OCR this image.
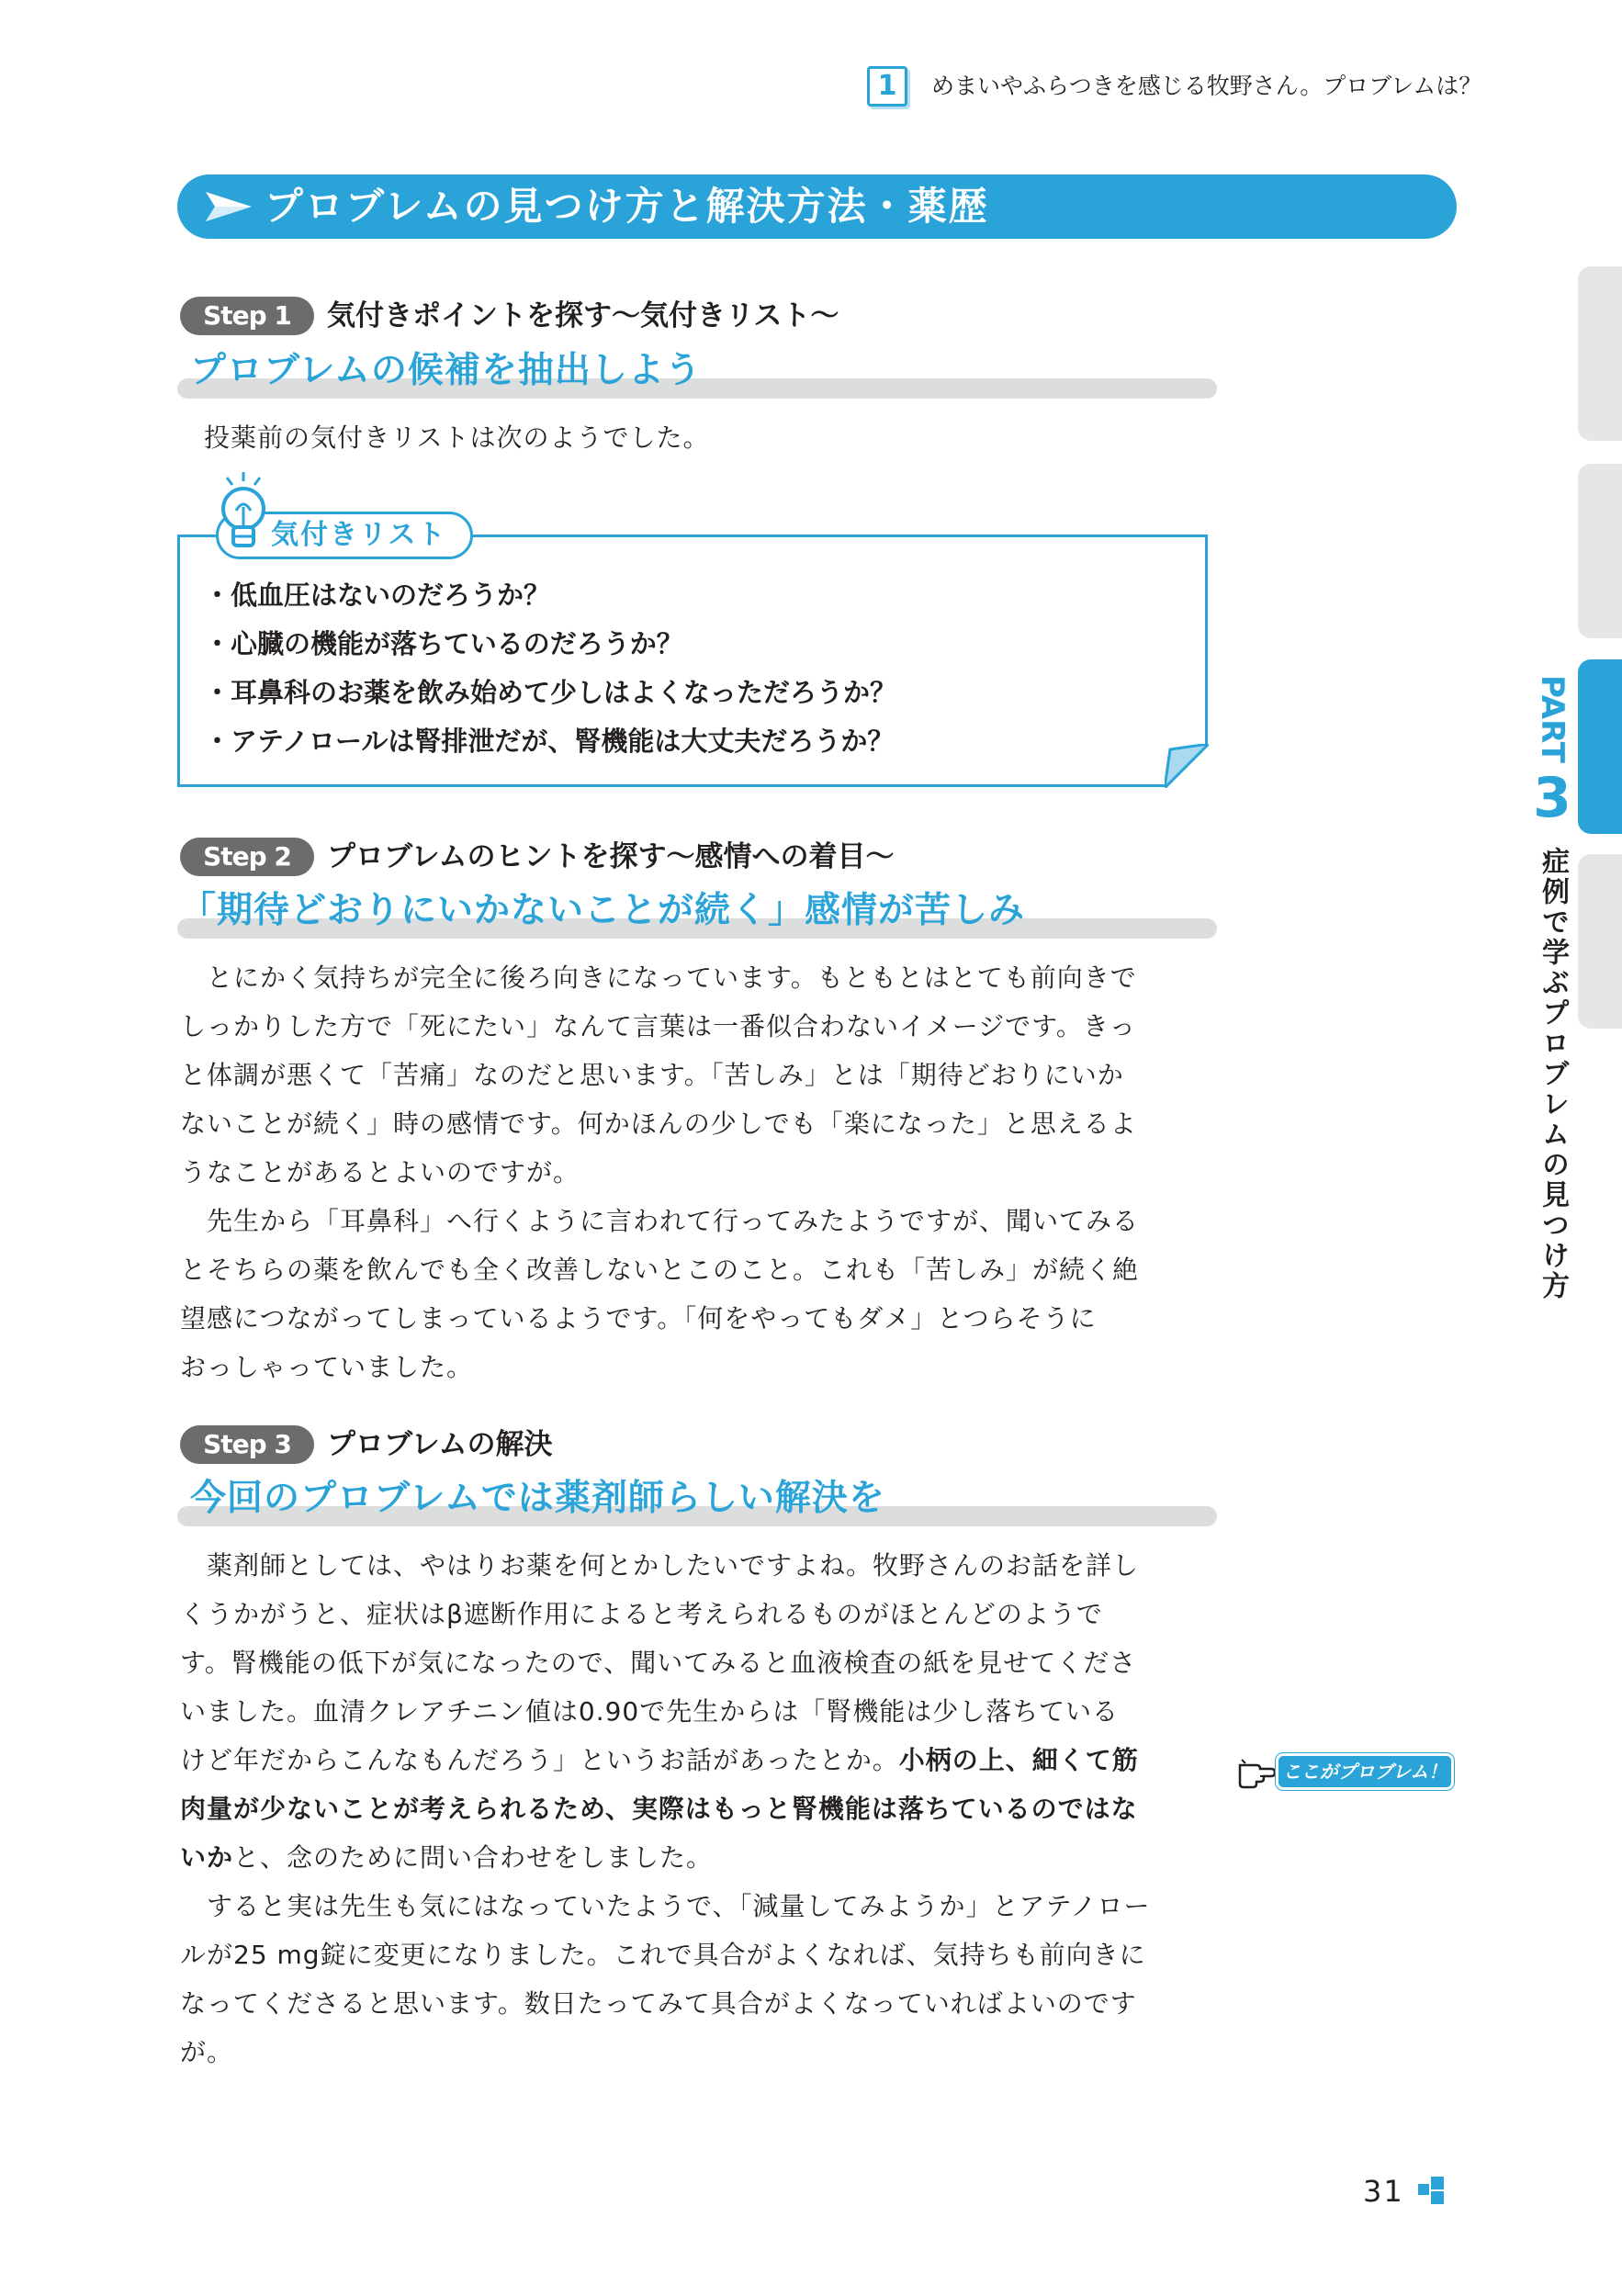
1	めまいやふらつきを感じる牧野さん。プロブレムは？
プロブレムの見つけ方と解決方法・薬歴
Step 1	気付きポイントを探す〜気付きリスト〜
プロブレムの候補を抽出しよう
投薬前の気付きリストは次のようでした。
気付きリスト
・低血圧はないのだろうか？
・心臓の機能が落ちているのだろうか？
・耳鼻科のお薬を飲み始めて少しはよくなっただろうか？
・アテノロールは腎排泄だが、腎機能は大丈夫だろうか？
Step 2	プロブレムのヒントを探す〜感情への着目〜
「期待どおりにいかないことが続く」感情が苦しみ
　とにかく気持ちが完全に後ろ向きになっています。もともとはとても前向きで
しっかりした方で「死にたい」なんて言葉は一番似合わないイメージです。きっ
と体調が悪くて「苦痛」なのだと思います。「苦しみ」とは「期待どおりにいか
ないことが続く」時の感情です。何かほんの少しでも「楽になった」と思えるよ
うなことがあるとよいのですが。
　先生から「耳鼻科」へ行くように言われて行ってみたようですが、聞いてみる
とそちらの薬を飲んでも全く改善しないとこのこと。これも「苦しみ」が続く絶
望感につながってしまっているようです。「何をやってもダメ」とつらそうに
おっしゃっていました。
Step 3	プロブレムの解決
今回のプロブレムでは薬剤師らしい解決を
　薬剤師としては、やはりお薬を何とかしたいですよね。牧野さんのお話を詳し
くうかがうと、症状はβ遮断作用によると考えられるものがほとんどのようで
す。腎機能の低下が気になったので、聞いてみると血液検査の紙を見せてくださ
いました。血清クレアチニン値は0.90で先生からは「腎機能は少し落ちている
けど年だからこんなもんだろう」というお話があったとか。小柄の上、細くて筋
肉量が少ないことが考えられるため、実際はもっと腎機能は落ちているのではな
いかと、念のために問い合わせをしました。
　すると実は先生も気にはなっていたようで、「減量してみようか」とアテノロー
ルが25 mg錠に変更になりました。これで具合がよくなれば、気持ちも前向きに
なってくださると思います。数日たってみて具合がよくなっていればよいのです
が。
ここがプロブレム！
PART
3
症例で学ぶプロブレムの見つけ方
31
